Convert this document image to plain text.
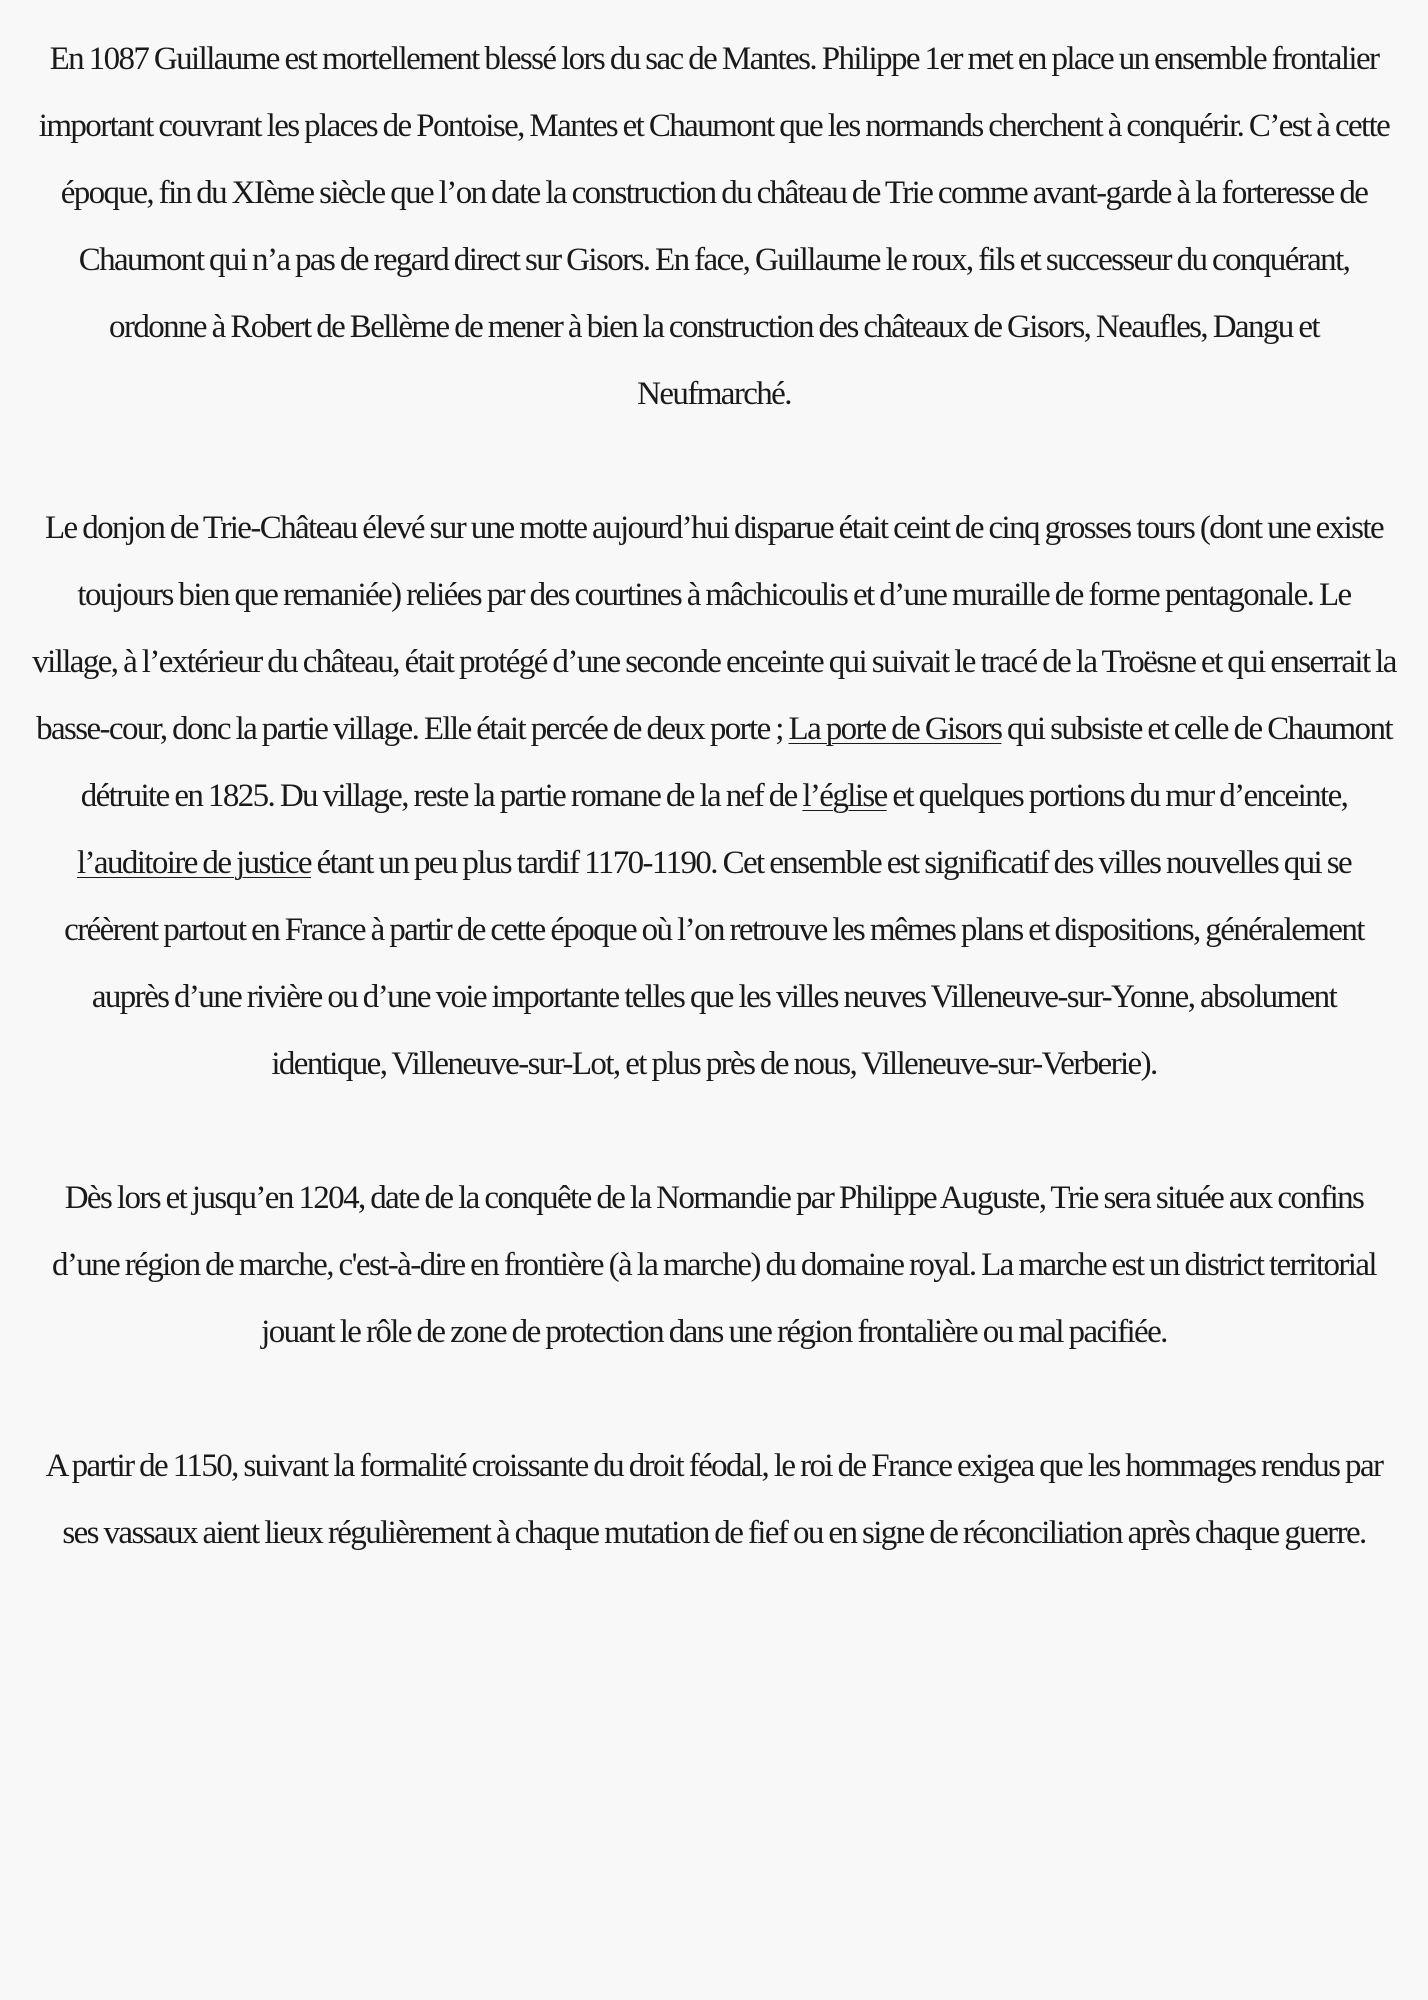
En 1087 Guillaume est mortellement blessé lors du sac de Mantes. Philippe 1er met en place un ensemble frontalier important couvrant les places de Pontoise, Mantes et Chaumont que les normands cherchent à conquérir. C’est à cette époque, fin du XIème siècle que l’on date la construction du château de Trie comme avant-garde à la forteresse de Chaumont qui n’a pas de regard direct sur Gisors. En face, Guillaume le roux, fils et successeur du conquérant, ordonne à Robert de Bellème de mener à bien la construction des châteaux de Gisors, Neaufles, Dangu et Neufmarché.

Le donjon de Trie-Château élevé sur une motte aujourd’hui disparue était ceint de cinq grosses tours (dont une existe toujours bien que remaniée) reliées par des courtines à mâchicoulis et d’une muraille de forme pentagonale. Le village, à l’extérieur du château, était protégé d’une seconde enceinte qui suivait le tracé de la Troësne et qui enserrait la basse-cour, donc la partie village. Elle était percée de deux porte ; La porte de Gisors qui subsiste et celle de Chaumont détruite en 1825. Du village, reste la partie romane de la nef de l’église et quelques portions du mur d’enceinte, l’auditoire de justice étant un peu plus tardif 1170-1190. Cet ensemble est significatif des villes nouvelles qui se créèrent partout en France à partir de cette époque où l’on retrouve les mêmes plans et dispositions, généralement auprès d’une rivière ou d’une voie importante telles que les villes neuves Villeneuve-sur-Yonne, absolument identique, Villeneuve-sur-Lot, et plus près de nous, Villeneuve-sur-Verberie).

Dès lors et jusqu’en 1204, date de la conquête de la Normandie par Philippe Auguste, Trie sera située aux confins d’une région de marche, c'est-à-dire en frontière (à la marche) du domaine royal. La marche est un district territorial jouant le rôle de zone de protection dans une région frontalière ou mal pacifiée.

A partir de 1150, suivant la formalité croissante du droit féodal, le roi de France exigea que les hommages rendus par ses vassaux aient lieux régulièrement à chaque mutation de fief ou en signe de réconciliation après chaque guerre.
